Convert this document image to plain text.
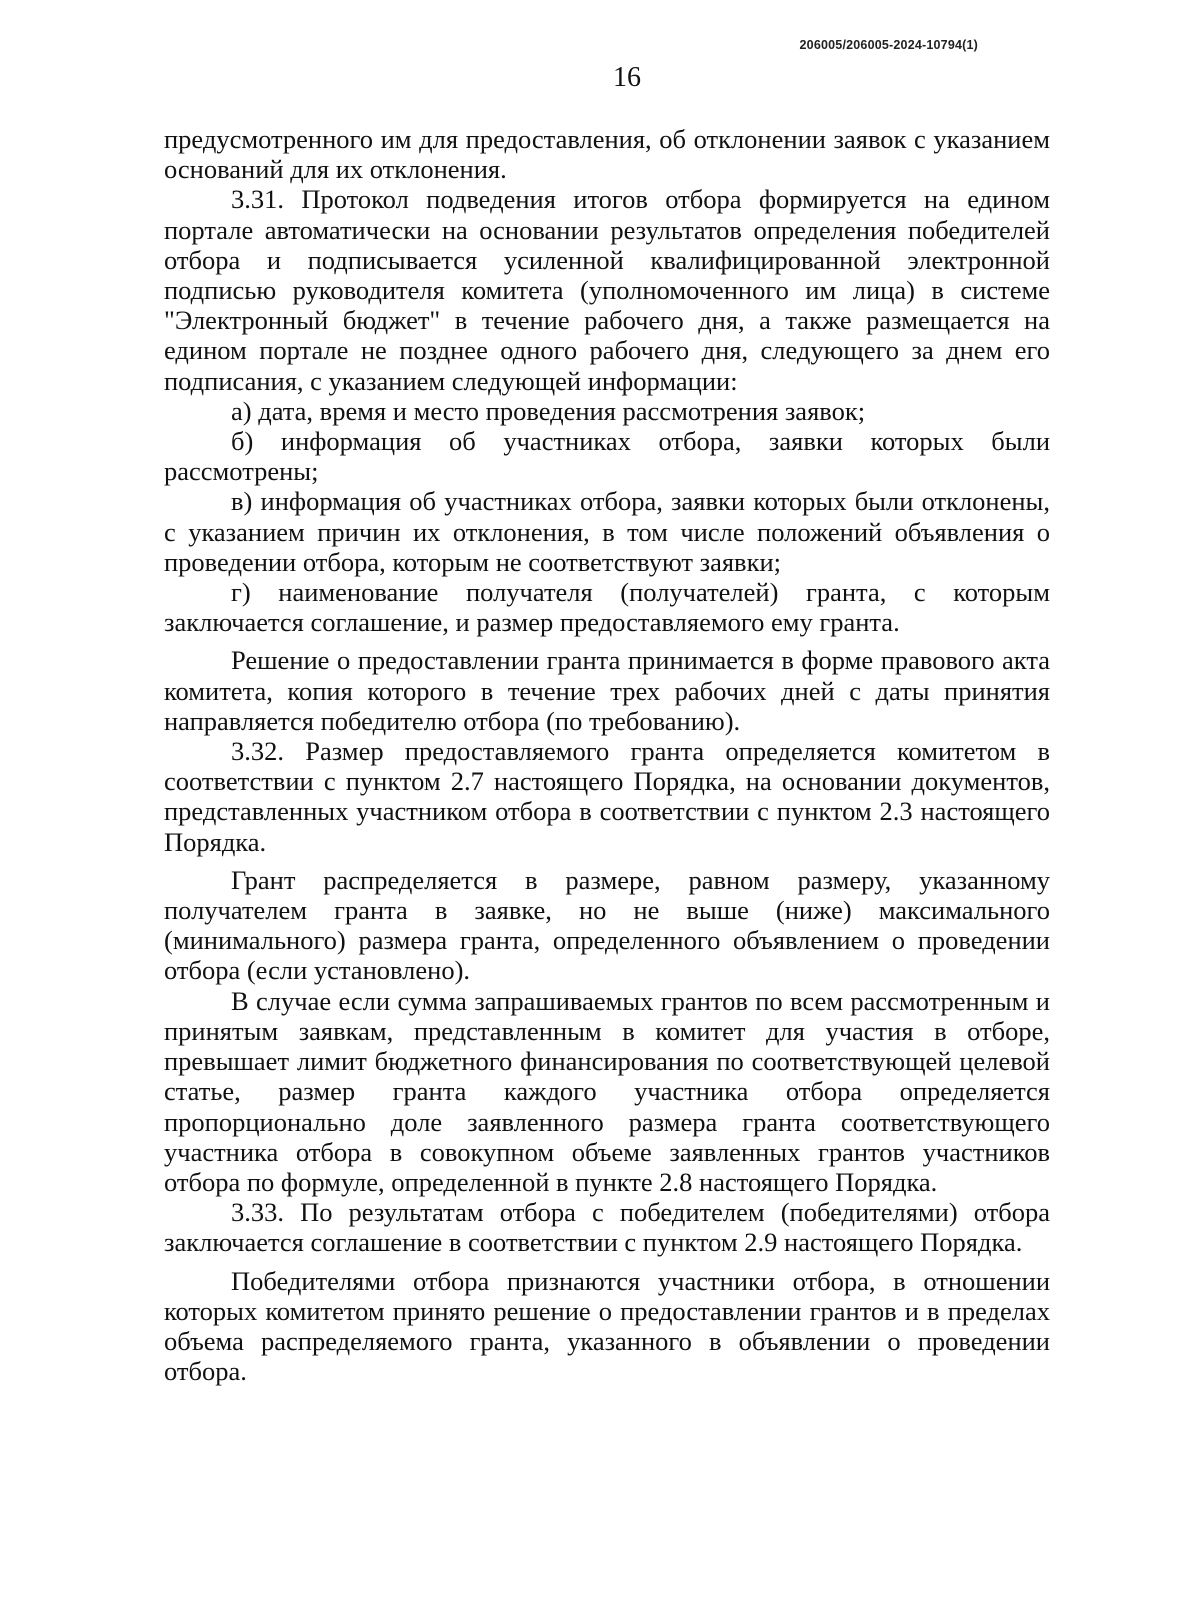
206005/206005-2024-10794(1)
16

предусмотренного им для предоставления, об отклонении заявок с указанием оснований для их отклонения.

3.31. Протокол подведения итогов отбора формируется на едином портале автоматически на основании результатов определения победителей отбора и подписывается усиленной квалифицированной электронной подписью руководителя комитета (уполномоченного им лица) в системе "Электронный бюджет" в течение рабочего дня, а также размещается на едином портале не позднее одного рабочего дня, следующего за днем его подписания, с указанием следующей информации:

а) дата, время и место проведения рассмотрения заявок;

б) информация об участниках отбора, заявки которых были рассмотрены;

в) информация об участниках отбора, заявки которых были отклонены, с указанием причин их отклонения, в том числе положений объявления о проведении отбора, которым не соответствуют заявки;

г) наименование получателя (получателей) гранта, с которым заключается соглашение, и размер предоставляемого ему гранта.

Решение о предоставлении гранта принимается в форме правового акта комитета, копия которого в течение трех рабочих дней с даты принятия направляется победителю отбора (по требованию).

3.32. Размер предоставляемого гранта определяется комитетом в соответствии с пунктом 2.7 настоящего Порядка, на основании документов, представленных участником отбора в соответствии с пунктом 2.3 настоящего Порядка.

Грант распределяется в размере, равном размеру, указанному получателем гранта в заявке, но не выше (ниже) максимального (минимального) размера гранта, определенного объявлением о проведении отбора (если установлено).

В случае если сумма запрашиваемых грантов по всем рассмотренным и принятым заявкам, представленным в комитет для участия в отборе, превышает лимит бюджетного финансирования по соответствующей целевой статье, размер гранта каждого участника отбора определяется пропорционально доле заявленного размера гранта соответствующего участника отбора в совокупном объеме заявленных грантов участников отбора по формуле, определенной в пункте 2.8 настоящего Порядка.

3.33. По результатам отбора с победителем (победителями) отбора заключается соглашение в соответствии с пунктом 2.9 настоящего Порядка.

Победителями отбора признаются участники отбора, в отношении которых комитетом принято решение о предоставлении грантов и в пределах объема распределяемого гранта, указанного в объявлении о проведении отбора.
